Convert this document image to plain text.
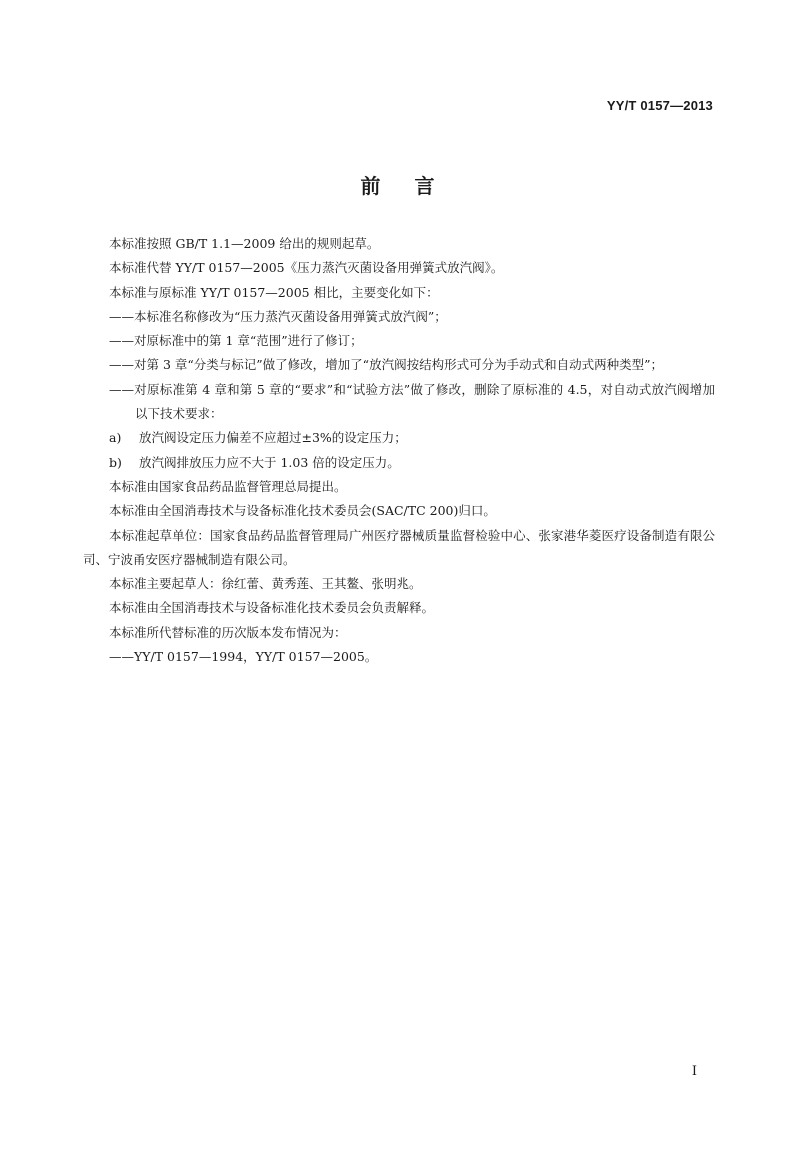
YY/T 0157—2013
前言

本标准按照 GB/T 1.1—2009 给出的规则起草。

本标准代替 YY/T 0157—2005《压力蒸汽灭菌设备用弹簧式放汽阀》。

本标准与原标准 YY/T 0157—2005 相比，主要变化如下：

——本标准名称修改为“压力蒸汽灭菌设备用弹簧式放汽阀”；

——对原标准中的第 1 章“范围”进行了修订；

——对第 3 章“分类与标记”做了修改，增加了“放汽阀按结构形式可分为手动式和自动式两种类型”；

——对原标准第 4 章和第 5 章的“要求”和“试验方法”做了修改，删除了原标准的 4.5，对自动式放汽阀增加以下技术要求：

a) 放汽阀设定压力偏差不应超过±3%的设定压力；

b) 放汽阀排放压力应不大于 1.03 倍的设定压力。

本标准由国家食品药品监督管理总局提出。

本标准由全国消毒技术与设备标准化技术委员会(SAC/TC 200)归口。

本标准起草单位：国家食品药品监督管理局广州医疗器械质量监督检验中心、张家港华菱医疗设备制造有限公司、宁波甬安医疗器械制造有限公司。

本标准主要起草人：徐红蕾、黄秀莲、王其鳌、张明兆。

本标准由全国消毒技术与设备标准化技术委员会负责解释。

本标准所代替标准的历次版本发布情况为：

——YY/T 0157—1994，YY/T 0157—2005。

I
